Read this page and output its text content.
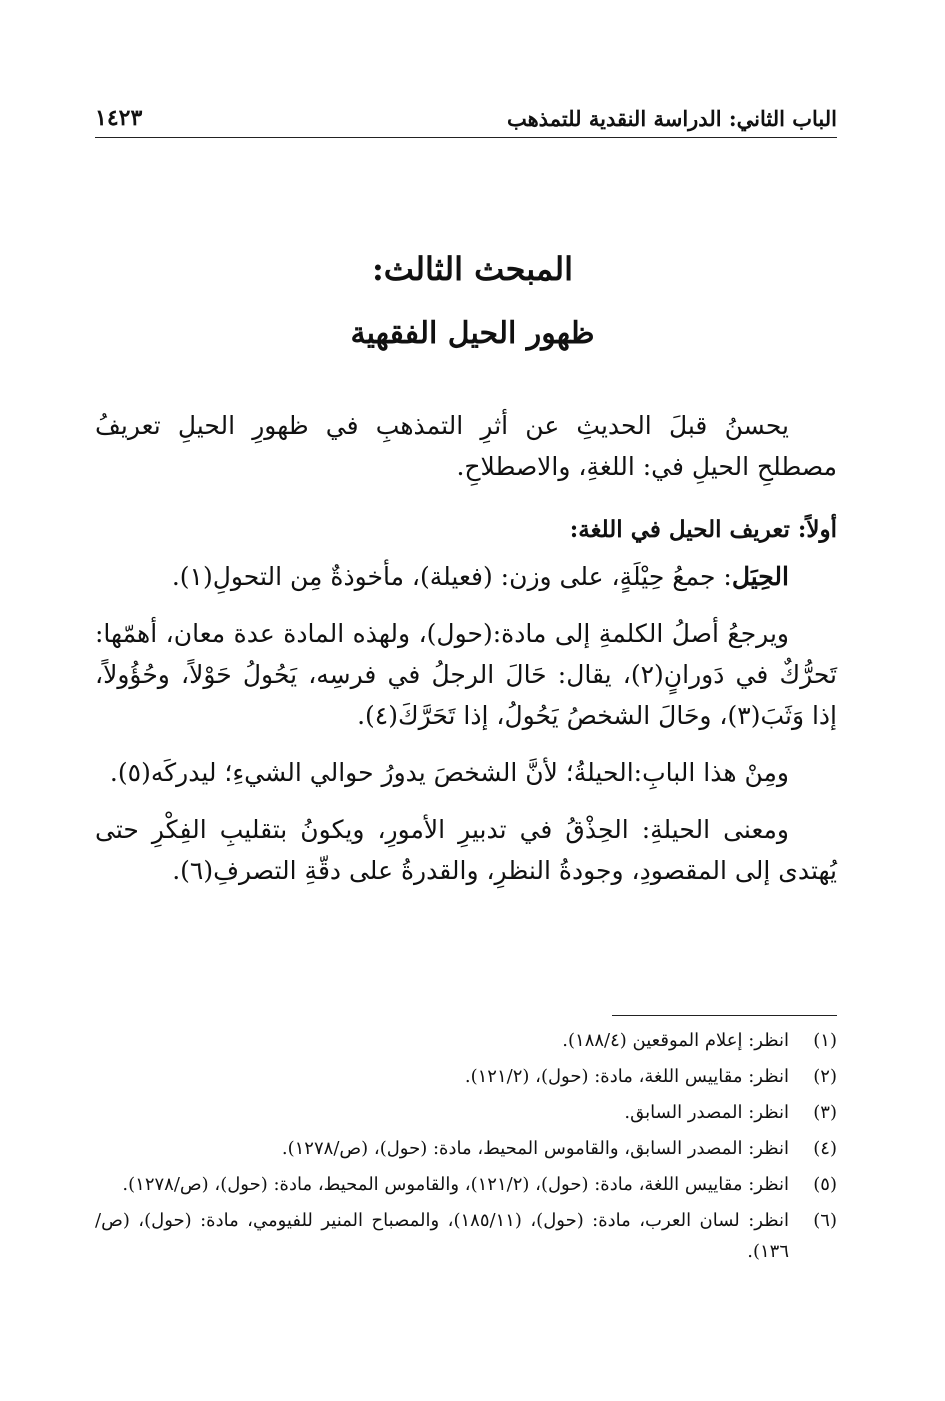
الباب الثاني: الدراسة النقدية للتمذهب
١٤٢٣
المبحث الثالث:
ظهور الحيل الفقهية

يحسنُ قبلَ الحديثِ عن أثرِ التمذهبِ في ظهورِ الحيلِ تعريفُ مصطلحِ الحيلِ في: اللغةِ، والاصطلاحِ.

أولاً: تعريف الحيل في اللغة:

الحِيَل: جمعُ حِيْلَةٍ، على وزن: (فعيلة)، مأخوذةٌ مِن التحولِ(١).

ويرجعُ أصلُ الكلمةِ إلى مادة:(حول)، ولهذه المادة عدة معان، أهمّها: تَحرُّكٌ في دَورانٍ(٢)، يقال: حَالَ الرجلُ في فرسِه، يَحُولُ حَوْلاً، وحُؤُولاً، إذا وَثَبَ(٣)، وحَالَ الشخصُ يَحُولُ، إذا تَحَرَّكَ(٤).

ومِنْ هذا البابِ:الحيلةُ؛ لأنَّ الشخصَ يدورُ حوالي الشيءِ؛ ليدركَه(٥).

ومعنى الحيلةِ: الحِذْقُ في تدبيرِ الأمورِ، ويكونُ بتقليبِ الفِكْرِ حتى يُهتدى إلى المقصودِ، وجودةُ النظرِ، والقدرةُ على دقّةِ التصرفِ(٦).

(١)
انظر: إعلام الموقعين (١٨٨/٤).
(٢)
انظر: مقاييس اللغة، مادة: (حول)، (١٢١/٢).
(٣)
انظر: المصدر السابق.
(٤)
انظر: المصدر السابق، والقاموس المحيط، مادة: (حول)، (ص/١٢٧٨).
(٥)
انظر: مقاييس اللغة، مادة: (حول)، (١٢١/٢)، والقاموس المحيط، مادة: (حول)، (ص/١٢٧٨).
(٦)
انظر: لسان العرب، مادة: (حول)، (١٨٥/١١)، والمصباح المنير للفيومي، مادة: (حول)، (ص/١٣٦).
